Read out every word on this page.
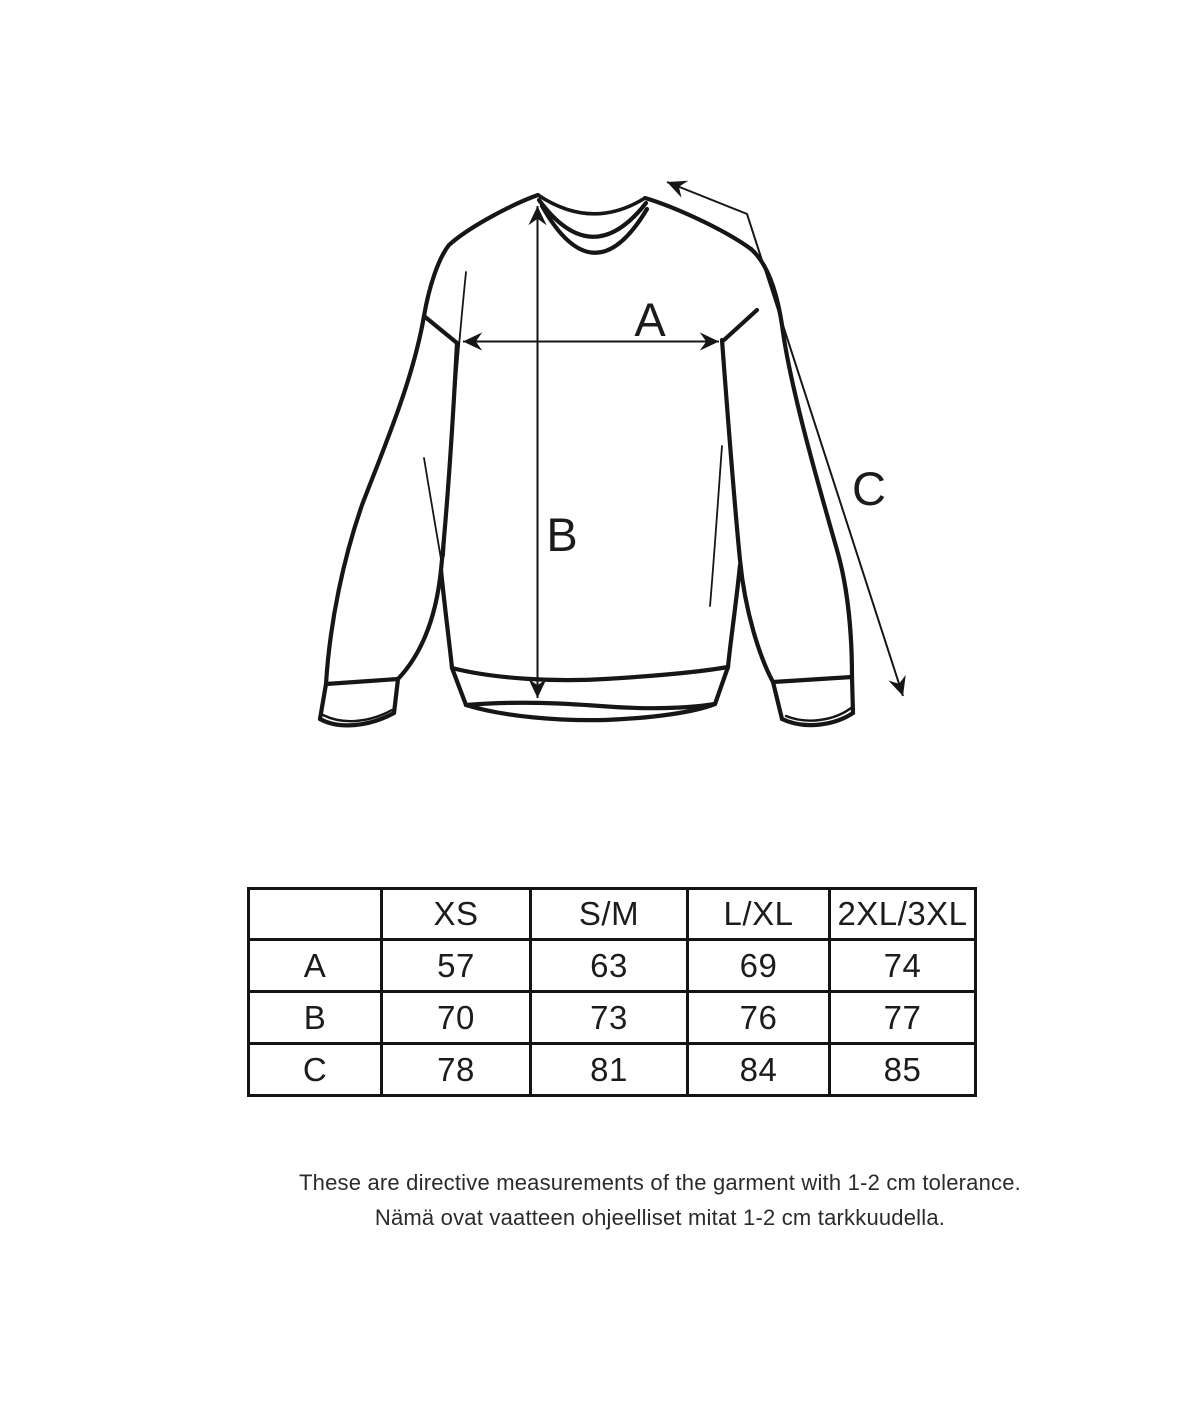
A
B
C
	XS	S/M	L/XL	2XL/3XL
A	57	63	69	74
B	70	73	76	77
C	78	81	84	85
These are directive measurements of the garment with 1-2 cm tolerance.
Nämä ovat vaatteen ohjeelliset mitat 1-2 cm tarkkuudella.
